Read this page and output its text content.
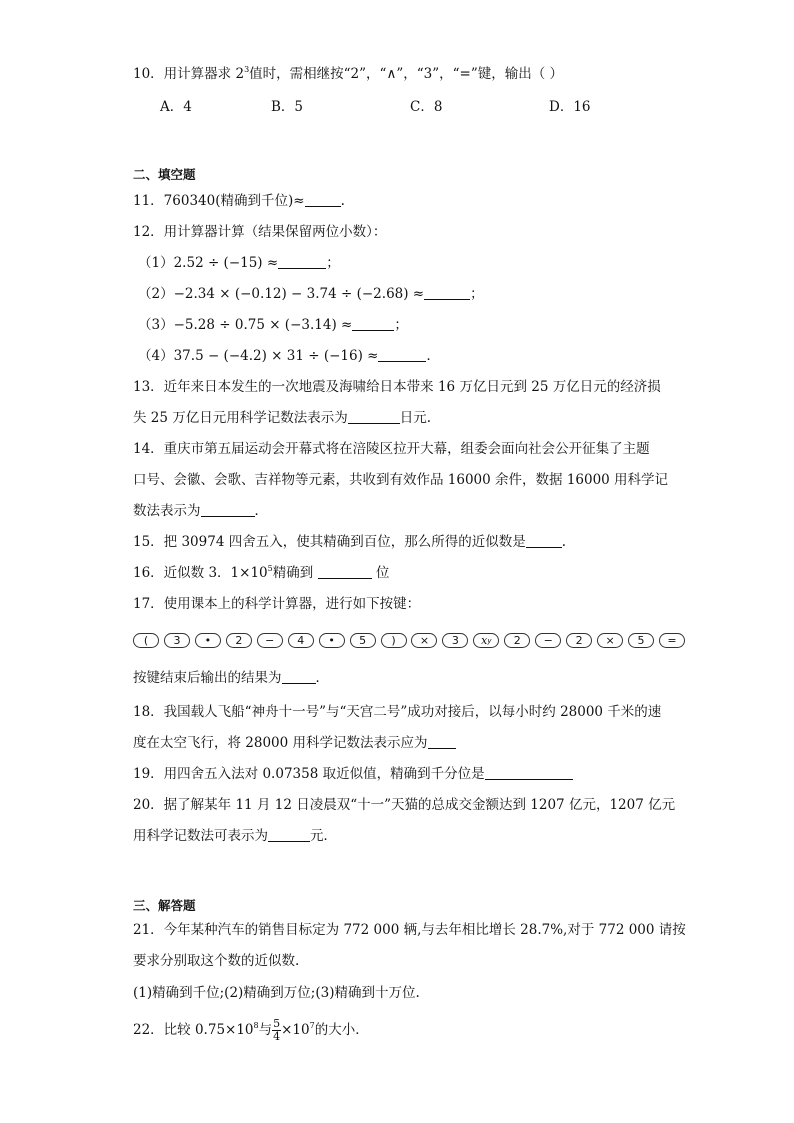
10．用计算器求 $2^3$值时，需相继按“2”，“∧”，“3”，“=”键，输出（ ）
A．4	B．5	C．8	D．16
二、填空题
11．760340(精确到千位)≈	.
12．用计算器计算（结果保留两位小数）：
（1）2.52 ÷ (−15) ≈	；
（2）−2.34 × (−0.12) − 3.74 ÷ (−2.68) ≈	；
（3）−5.28 ÷ 0.75 × (−3.14) ≈	；
（4）37.5 − (−4.2) × 31 ÷ (−16) ≈	．
13．近年来日本发生的一次地震及海啸给日本带来 16 万亿日元到 25 万亿日元的经济损
失 25 万亿日元用科学记数法表示为	日元.
14．重庆市第五届运动会开幕式将在涪陵区拉开大幕，组委会面向社会公开征集了主题
口号、会徽、会歌、吉祥物等元素，共收到有效作品 16000 余件，数据 16000 用科学记
数法表示为	．
15．把 30974 四舍五入，使其精确到百位，那么所得的近似数是	.
16．近似数 3．$1\times 10^5$精确到	位
17．使用课本上的科学计算器，进行如下按键：
(	3	•	2	−	4	•	5	)	×	3	x y	2	−	2	×	5	=
按键结束后输出的结果为	．
18．我国载人飞船“神舟十一号”与“天宫二号”成功对接后，以每小时约 28000 千米的速
度在太空飞行，将 28000 用科学记数法表示应为
19．用四舍五入法对 0.07358 取近似值，精确到千分位是
20．据了解某年 11 月 12 日凌晨双“十一”天猫的总成交金额达到 1207 亿元，1207 亿元
用科学记数法可表示为	元．
三、解答题
21．今年某种汽车的销售目标定为 772 000 辆,与去年相比增长 28.7%,对于 772 000 请按
要求分别取这个数的近似数.
(1)精确到千位;(2)精确到万位;(3)精确到十万位.
22．比较 $0.75\times 10^8$与 $\frac{5}{4} \times 10^7$的大小．
